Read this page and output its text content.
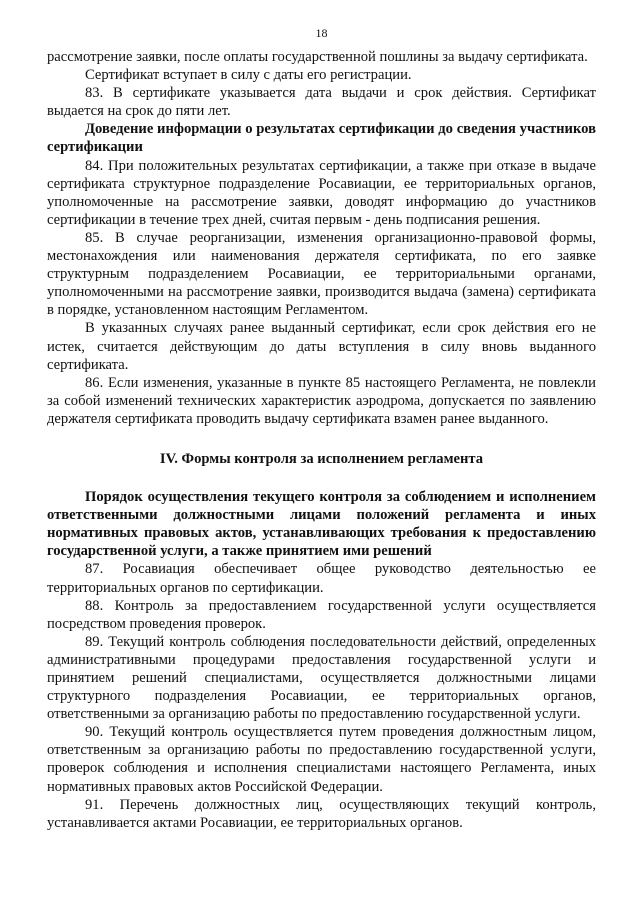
18

рассмотрение заявки, после оплаты государственной пошлины за выдачу сертификата.

Сертификат вступает в силу с даты его регистрации.

83. В сертификате указывается дата выдачи и срок действия. Сертификат выдается на срок до пяти лет.

Доведение информации о результатах сертификации до сведения участников сертификации

84. При положительных результатах сертификации, а также при отказе в выдаче сертификата структурное подразделение Росавиации, ее территориальных органов, уполномоченные на рассмотрение заявки, доводят информацию до участников сертификации в течение трех дней, считая первым - день подписания решения.

85. В случае реорганизации, изменения организационно-правовой формы, местонахождения или наименования держателя сертификата, по его заявке структурным подразделением Росавиации, ее территориальными органами, уполномоченными на рассмотрение заявки, производится выдача (замена) сертификата в порядке, установленном настоящим Регламентом.

В указанных случаях ранее выданный сертификат, если срок действия его не истек, считается действующим до даты вступления в силу вновь выданного сертификата.

86. Если изменения, указанные в пункте 85 настоящего Регламента, не повлекли за собой изменений технических характеристик аэродрома, допускается по заявлению держателя сертификата проводить выдачу сертификата взамен ранее выданного.

IV. Формы контроля за исполнением регламента

Порядок осуществления текущего контроля за соблюдением и исполнением ответственными должностными лицами положений регламента и иных нормативных правовых актов, устанавливающих требования к предоставлению государственной услуги, а также принятием ими решений

87. Росавиация обеспечивает общее руководство деятельностью ее территориальных органов по сертификации.

88. Контроль за предоставлением государственной услуги осуществляется посредством проведения проверок.

89. Текущий контроль соблюдения последовательности действий, определенных административными процедурами предоставления государственной услуги и принятием решений специалистами, осуществляется должностными лицами структурного подразделения Росавиации, ее территориальных органов, ответственными за организацию работы по предоставлению государственной услуги.

90. Текущий контроль осуществляется путем проведения должностным лицом, ответственным за организацию работы по предоставлению государственной услуги, проверок соблюдения и исполнения специалистами настоящего Регламента, иных нормативных правовых актов Российской Федерации.

91. Перечень должностных лиц, осуществляющих текущий контроль, устанавливается актами Росавиации, ее территориальных органов.
